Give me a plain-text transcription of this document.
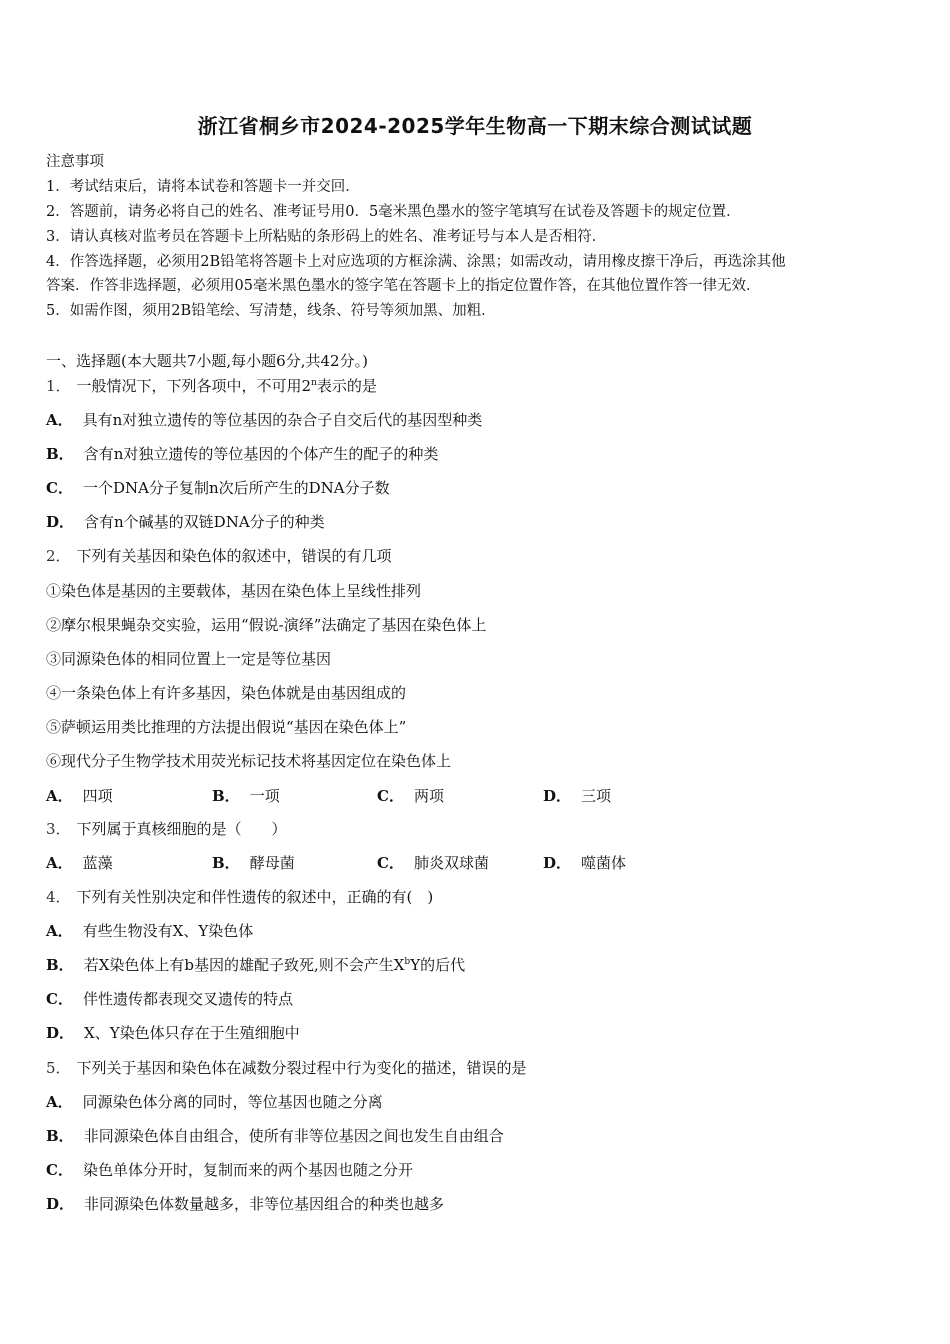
浙江省桐乡市2024-2025学年生物高一下期末综合测试试题
注意事项
1．考试结束后，请将本试卷和答题卡一并交回．
2．答题前，请务必将自己的姓名、准考证号用0．5毫米黑色墨水的签字笔填写在试卷及答题卡的规定位置．
3．请认真核对监考员在答题卡上所粘贴的条形码上的姓名、准考证号与本人是否相符．
4．作答选择题，必须用2B铅笔将答题卡上对应选项的方框涂满、涂黑；如需改动，请用橡皮擦干净后，再选涂其他
答案．作答非选择题，必须用05毫米黑色墨水的签字笔在答题卡上的指定位置作答，在其他位置作答一律无效．
5．如需作图，须用2B铅笔绘、写清楚，线条、符号等须加黑、加粗．
一、选择题(本大题共7小题,每小题6分,共42分。)
1． 一般情况下，下列各项中，不可用2$^n$表示的是
A． 具有n对独立遗传的等位基因的杂合子自交后代的基因型种类
B． 含有n对独立遗传的等位基因的个体产生的配子的种类
C． 一个DNA分子复制n次后所产生的DNA分子数
D． 含有n个碱基的双链DNA分子的种类
2． 下列有关基因和染色体的叙述中，错误的有几项
①染色体是基因的主要载体，基因在染色体上呈线性排列
②摩尔根果蝇杂交实验，运用“假说-演绎”法确定了基因在染色体上
③同源染色体的相同位置上一定是等位基因
④一条染色体上有许多基因，染色体就是由基因组成的
⑤萨顿运用类比推理的方法提出假说“基因在染色体上”
⑥现代分子生物学技术用荧光标记技术将基因定位在染色体上
A． 四项	B． 一项	C． 两项	D． 三项
3． 下列属于真核细胞的是（　　）
A． 蓝藻	B． 酵母菌	C． 肺炎双球菌	D． 噬菌体
4． 下列有关性别决定和伴性遗传的叙述中，正确的有(　)
A． 有些生物没有X、Y染色体
B． 若X染色体上有b基因的雄配子致死,则不会产生$X^bY$的后代
C． 伴性遗传都表现交叉遗传的特点
D． X、Y染色体只存在于生殖细胞中
5． 下列关于基因和染色体在减数分裂过程中行为变化的描述，错误的是
A． 同源染色体分离的同时，等位基因也随之分离
B． 非同源染色体自由组合，使所有非等位基因之间也发生自由组合
C． 染色单体分开时，复制而来的两个基因也随之分开
D． 非同源染色体数量越多，非等位基因组合的种类也越多
